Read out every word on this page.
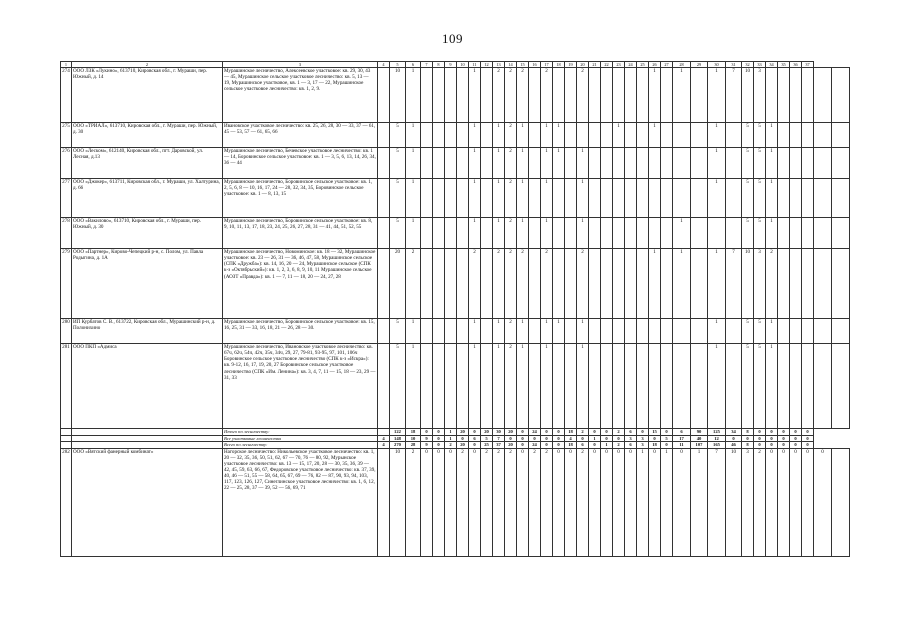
109
1	2	3	4	5	6	7	8	9	10	11	12	13	14	15	16	17	18	19	20	21	22	23	24	25	26	27	28	29	30	31	32	33	34	35	36	37		
274	ООО ЛЗК «Лукино», 613710, Кировская обл., г. Мураши, пер. Южный, д. 14	Мурашинское лесничество, Алексеевское участковое: кв. 29, 30, 43 — 45, Мурашинское сельское участковое лесничество: кв. 5, 13 — 19, Мурашинское участковое, кв. 1 — 3, 17 — 22, Мурашинское сельское участковое лесничество: кв. 1, 2, 9.		10	1					1		2	2	2		2			2						1		1		1	7	10	3						
275	ООО «ТРИАЛ», 613710, Кировская обл., г. Мураши, пер. Южный, д. 30	Ивановское участковое лесничество: кв. 25, 26, 28, 30 — 33, 37 — 61, 45 — 53, 57 — 61, 65, 66		5	1					1		1	2	1		1	1					1			1				1		5	5	1					
276	ООО «Леском», 612140, Кировская обл., пгт. Даровской, ул. Лесная, д.13	Мурашинское лесничество, Бечевское участковое лесничество: кв. 1 — 14, Боровинское сельское участковое: кв. 1 — 3, 5, 6, 13, 14, 26, 34, 36 — 44		5	1					1		1	2	1		1	1		1										1		5	5	1					
277	ООО «Джокер», 613711, Кировская обл., г. Мураши, ул. Халтурина, д. 66	Мурашинское лесничество, Боровинское сельское участковое: кв. 1, 2, 5, 6, 8 — 10, 16, 17, 24 — 28, 32, 34, 35, Боровинское сельское участковое: кв. 1 — 8, 13, 15		5	1					1		1	2	1		1			1										1		5	5	1					
278	ООО «Вакилово», 613710, Кировская обл., г. Мураши, пер. Южный, д. 30	Мурашинское лесничество, Боровинское сельское участковое: кв. 8, 9, 10, 11, 13, 17, 18, 23, 24, 25, 26, 27, 28, 31 — 41, 44, 51, 52, 55		5	1					1		1	2	1		1			1								1				5	5	1					
279	ООО «Партнер», Кирово-Чепецкий р-н, с. Полом, ул. Павла Родыгина, д. 1А	Мурашинское лесничество, Новоминское: кв. 18 — 32, Мурашинское участковое: кв. 23 — 26, 31 — 36, 46, 47, 58, Мурашинское сельское (СПК «Дружба»): кв. 14, 16, 20 — 24, Мурашинское сельское (СПК к-з «Октябрьский»): кв. 1, 2, 3, 6, 8, 9, 10, 11 Мурашинское сельское (АОЗТ «Правда»): кв. 1 — 7, 11 — 18, 20 — 24, 27, 28		20	2					2		2	2	2		2			2						1		1		1	7	10	3	2					
280	ИП Курбатов С. В., 613722, Кировская обл., Мурашинский р-н, д. Полонихино	Мурашинское лесничество, Боровинское сельское участковое: кв. 15, 16, 25, 31 — 33, 16, 18, 21 — 26, 28 — 30.		5	1					1		1	2	1		1	1		1										1		5	5	1					
281	ООО ПКП «Адмиса	Мурашинское лесничество, Ивановское участковое лесничество: кв. 67ч, 62ч, 54ч, 42ч, 35ч, 34ч, 29, 27, 79-81, 93-95, 97, 101, 106ч Боровинское сельское участковое лесничество (СПК к-з «Искра»): кв. 9-12, 16, 17, 19, 20, 27 Боровинское сельское участковое лесничество (СПК «Им. Ленина»): кв. 3, 4, 7, 11 — 15, 18 — 23, 29 — 31, 33		5	1					1		1	2	1		1			1										1		5	5	1					
		Итого по лесничеству:		122	18	0	0	1	20	0	20	30	20	0	24	0	0	18	2	0	0	2	6	0	15	0	6	90	125	34	8	0	0	0	0	0		
		Все участковые лесничества	4	148	10	9	0	1	0	6	5	7	0	0	0	0	0	4	0	1	0	0	3	3	0	5	17	40	12	0	0	0	0	0	0	0		
		Всего по лесничеству:	4	270	28	9	0	2	20	0	25	37	20	0	24	0	0	18	6	0	1	2	6	3	18	0	11	107	165	46	8	0	0	0	0	0		
282	ООО «Вятский фанерный комбинат»	Нагорское лесничество: Никольевское участковое лесничество: кв. 1, 20 — 32, 35, 36, 50, 51, 62, 67 — 70, 76 — 80, 92, Мурынское участковое лесничество: кв. 13 — 15, 17, 20, 28 — 30, 35, 36, 39 — 42, 45, 59, 63, 66, 67, Федоровское участковое лесничество: кв. 37, 39, 40, 46 — 51, 55 — 58, 64, 65, 67, 69 — 76, 82 — 87, 90, 93, 94, 103, 117, 123, 126, 127, Синеглинское участковое лесничество: кв. 1, 6, 12, 22 — 25, 28, 37 — 39, 52 — 56, 69, 71		10	2	0	0	0	2	0	2	2	2	0	2	2	0	0	2	0	0	0	0	1	0	1	0	1	7	10	3	2	0	0	0	0	0	
